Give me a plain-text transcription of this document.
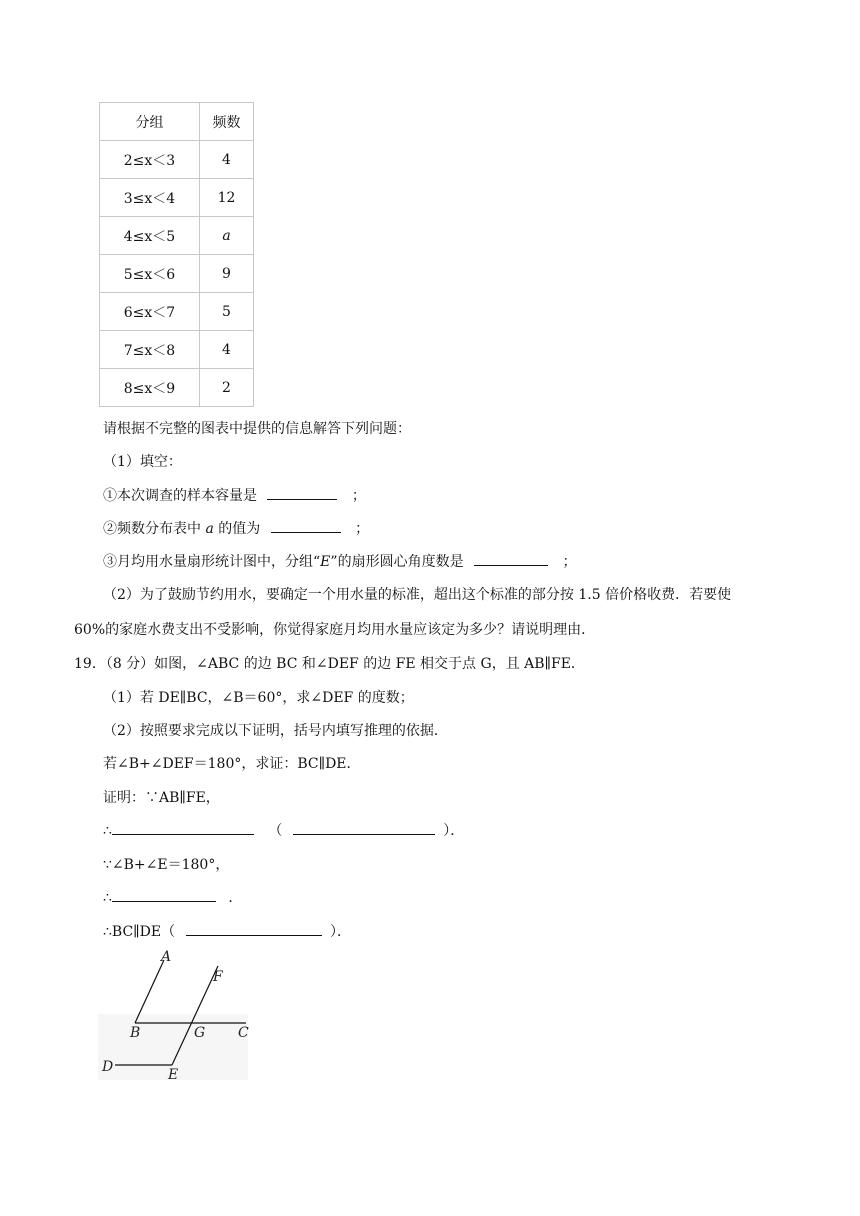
分组	频数
2≤x＜3	4
3≤x＜4	12
4≤x＜5	a
5≤x＜6	9
6≤x＜7	5
7≤x＜8	4
8≤x＜9	2
请根据不完整的图表中提供的信息解答下列问题：
（1）填空：
①本次调查的样本容量是	；
②频数分布表中 a 的值为	；
③月均用水量扇形统计图中，分组“E”的扇形圆心角度数是	；
（2）为了鼓励节约用水，要确定一个用水量的标准，超出这个标准的部分按 1.5 倍价格收费．若要使
60%的家庭水费支出不受影响，你觉得家庭月均用水量应该定为多少？请说明理由．
19．（8 分）如图，∠ABC 的边 BC 和∠DEF 的边 FE 相交于点 G，且 AB∥FE．
（1）若 DE∥BC，∠B＝60°，求∠DEF 的度数；
（2）按照要求完成以下证明，括号内填写推理的依据．
若∠B+∠DEF＝180°，求证：BC∥DE．
证明：∵AB∥FE，
∴	（	）．
∵∠B+∠E＝180°，
∴	．
∴BC∥DE（	）．
A
F
B	G C
D	E
